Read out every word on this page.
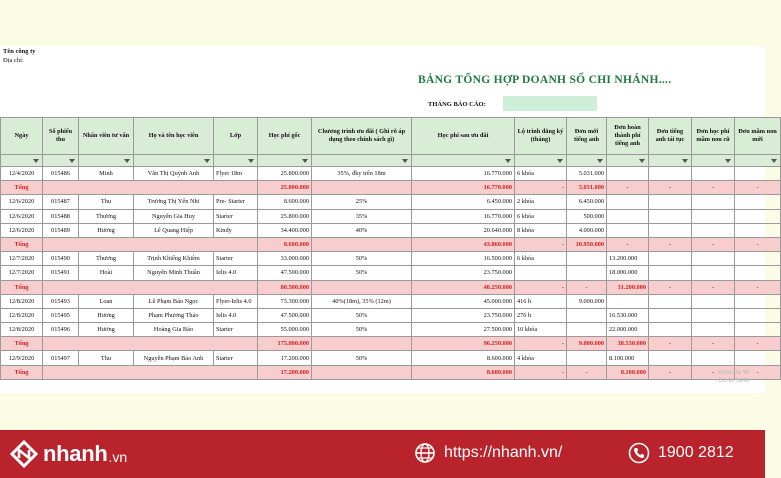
Tên công ty
Địa chỉ:
BẢNG TỔNG HỢP DOANH SỐ CHI NHÁNH....
THÁNG BÁO CÁO:
Ngày	Số phiếu thu	Nhân viên tư vấn	Họ và tên học viên	Lớp	Học phí gốc	Chương trình ưu đãi ( Ghi rõ áp dụng theo chính sách gì)	Học phí sau ưu đãi	Lộ trình đăng ký (tháng)	Đơn mới tiếng anh	Đơn hoàn thành phí tiếng anh	Đơn tiếng anh tái tục	Đơn học phí mầm non cũ	Đơn mầm non mới

12/4/2020	015486	Minh	Văn Thị Quỳnh Anh	Flyer 18m	25.800.000	35%, đky trên 18m	16.770.000	6 khóa	5.031.000				
Tổng					25.800.000		16.770.000	-	5.031.000	-	-	-	-
12/6/2020	015487	Thu	Trương Thị Yến Nhi	Pre- Starter	8.600.000	25%	6.450.000	2 khóa	6.450.000				
12/6/2020	015488	Thương	Nguyễn Gia Huy	Starter	25.800.000	35%	16.770.000	6 khóa	500.000				
12/6/2020	015489	Hương	Lê Quang Hiệp	Kindy	34.400.000	40%	20.640.000	8 khóa	4.000.000				
Tổng					8.600.000		43.860.000	-	10.950.000	-	-	-	-
12/7/2020	015490	Thương	Trịnh Khiếng Khiêm	Starter	33.000.000	50%	16.500.000	6 khóa		13.200.000			
12/7/2020	015491	Hoài	Nguyễn Minh Thuần	Ielts 4.0	47.500.000	50%	23.750.000			18.000.000			
Tổng					80.500.000		40.250.000	-	-	31.200.000	-	-	-
12/8/2020	015493	Loan	Lê Phạm Bảo Ngọc	Flyer-Ielts 4.0	73.300.000	40%(18m), 35% (12m)	45.000.000	416 h	9.000.000				
12/8/2020	015495	Hương	Phạm Phương Thảo	Ielts 4.0	47.500.000	50%	23.750.000	276 h		16.530.000			
12/8/2020	015496	Hương	Hoàng Gia Bảo	Starter	55.000.000	50%	27.500.000	10 khóa		22.000.000			
Tổng					175.800.000		96.250.000	-	9.000.000	38.530.000	-	-	-
12/9/2020	015497	Thu	Nguyễn Phạm Bảo Anh	Starter	17.200.000	50%	8.600.000	4 khóa		8.100.000			
Tổng					17.200.000		8.600.000	-	-	8.100.000	-	-	-
Activate W
Go to Setti
nhanh .vn	https://nhanh.vn/	1900 2812
